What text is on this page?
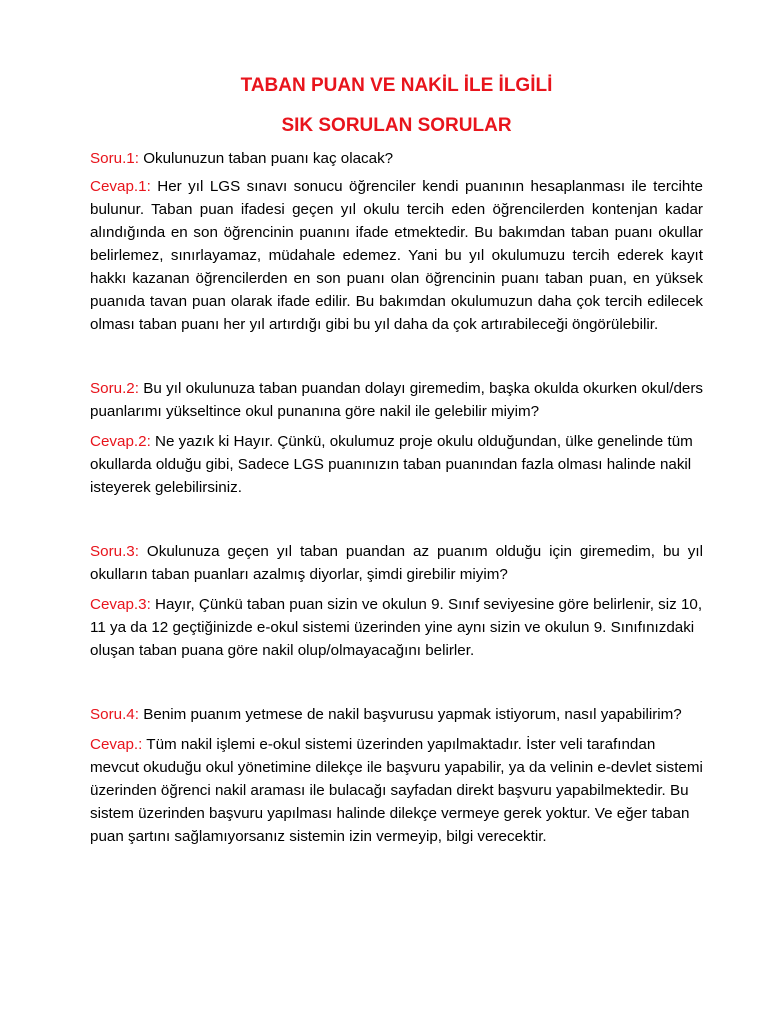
TABAN PUAN VE NAKİL İLE İLGİLİ
SIK SORULAN SORULAR

Soru.1: Okulunuzun taban puanı kaç olacak?

Cevap.1: Her yıl LGS sınavı sonucu öğrenciler kendi puanının hesaplanması ile tercihte bulunur. Taban puan ifadesi geçen yıl okulu tercih eden öğrencilerden kontenjan kadar alındığında en son öğrencinin puanını ifade etmektedir. Bu bakımdan taban puanı okullar belirlemez, sınırlayamaz, müdahale edemez. Yani bu yıl okulumuzu tercih ederek kayıt hakkı kazanan öğrencilerden en son puanı olan öğrencinin puanı taban puan, en yüksek puanıda tavan puan olarak ifade edilir. Bu bakımdan okulumuzun daha çok tercih edilecek olması taban puanı her yıl artırdığı gibi bu yıl daha da çok artırabileceği öngörülebilir.

Soru.2: Bu yıl okulunuza taban puandan dolayı giremedim, başka okulda okurken okul/ders puanlarımı yükseltince okul punanına göre nakil ile gelebilir miyim?

Cevap.2: Ne yazık ki Hayır. Çünkü, okulumuz proje okulu olduğundan, ülke genelinde tüm okullarda olduğu gibi, Sadece LGS puanınızın taban puanından fazla olması halinde nakil isteyerek gelebilirsiniz.

Soru.3: Okulunuza geçen yıl taban puandan az puanım olduğu için giremedim, bu yıl okulların taban puanları azalmış diyorlar, şimdi girebilir miyim?

Cevap.3: Hayır, Çünkü taban puan sizin ve okulun 9. Sınıf seviyesine göre belirlenir, siz 10, 11 ya da 12 geçtiğinizde e-okul sistemi üzerinden yine aynı sizin ve okulun 9. Sınıfınızdaki oluşan taban puana göre nakil olup/olmayacağını belirler.

Soru.4: Benim puanım yetmese de nakil başvurusu yapmak istiyorum, nasıl yapabilirim?

Cevap.: Tüm nakil işlemi e-okul sistemi üzerinden yapılmaktadır. İster veli tarafından mevcut okuduğu okul yönetimine dilekçe ile başvuru yapabilir, ya da velinin e-devlet sistemi üzerinden öğrenci nakil araması ile bulacağı sayfadan direkt başvuru yapabilmektedir. Bu sistem üzerinden başvuru yapılması halinde dilekçe vermeye gerek yoktur. Ve eğer taban puan şartını sağlamıyorsanız sistemin izin vermeyip, bilgi verecektir.
